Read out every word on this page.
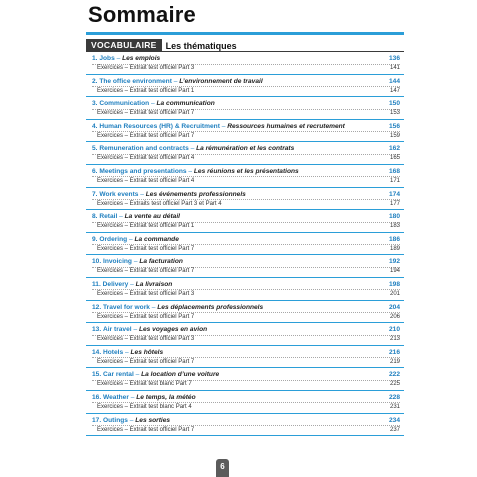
Sommaire
VOCABULAIRE	Les thématiques
1. Jobs – Les emplois	136
Exercices – Extrait test officiel Part 3	141
2. The office environment – L’environnement de travail	144
Exercices – Extrait test officiel Part 1	147
3. Communication – La communication	150
Exercices – Extrait test officiel Part 7	153
4. Human Resources (HR) & Recruitment – Ressources humaines et recrutement	156
Exercices – Extrait test officiel Part 7	159
5. Remuneration and contracts – La rémunération et les contrats	162
Exercices – Extrait test officiel Part 4	165
6. Meetings and presentations – Les réunions et les présentations	168
Exercices – Extrait test officiel Part 4	171
7. Work events – Les événements professionnels	174
Exercices – Extraits test officiel Part 3 et Part 4	177
8. Retail – La vente au détail	180
Exercices – Extrait test officiel Part 1	183
9. Ordering – La commande	186
Exercices – Extrait test officiel Part 7	189
10. Invoicing – La facturation	192
Exercices – Extrait test officiel Part 7	194
11. Delivery – La livraison	198
Exercices – Extrait test officiel Part 3	201
12. Travel for work – Les déplacements professionnels	204
Exercices – Extrait test officiel Part 7	206
13. Air travel – Les voyages en avion	210
Exercices – Extrait test officiel Part 3	213
14. Hotels – Les hôtels	216
Exercices – Extrait test officiel Part 7	219
15. Car rental – La location d’une voiture	222
Exercices – Extrait test blanc Part 7	225
16. Weather – Le temps, la météo	228
Exercices – Extrait test blanc Part 4	231
17. Outings – Les sorties	234
Exercices – Extrait test officiel Part 7	237
6
